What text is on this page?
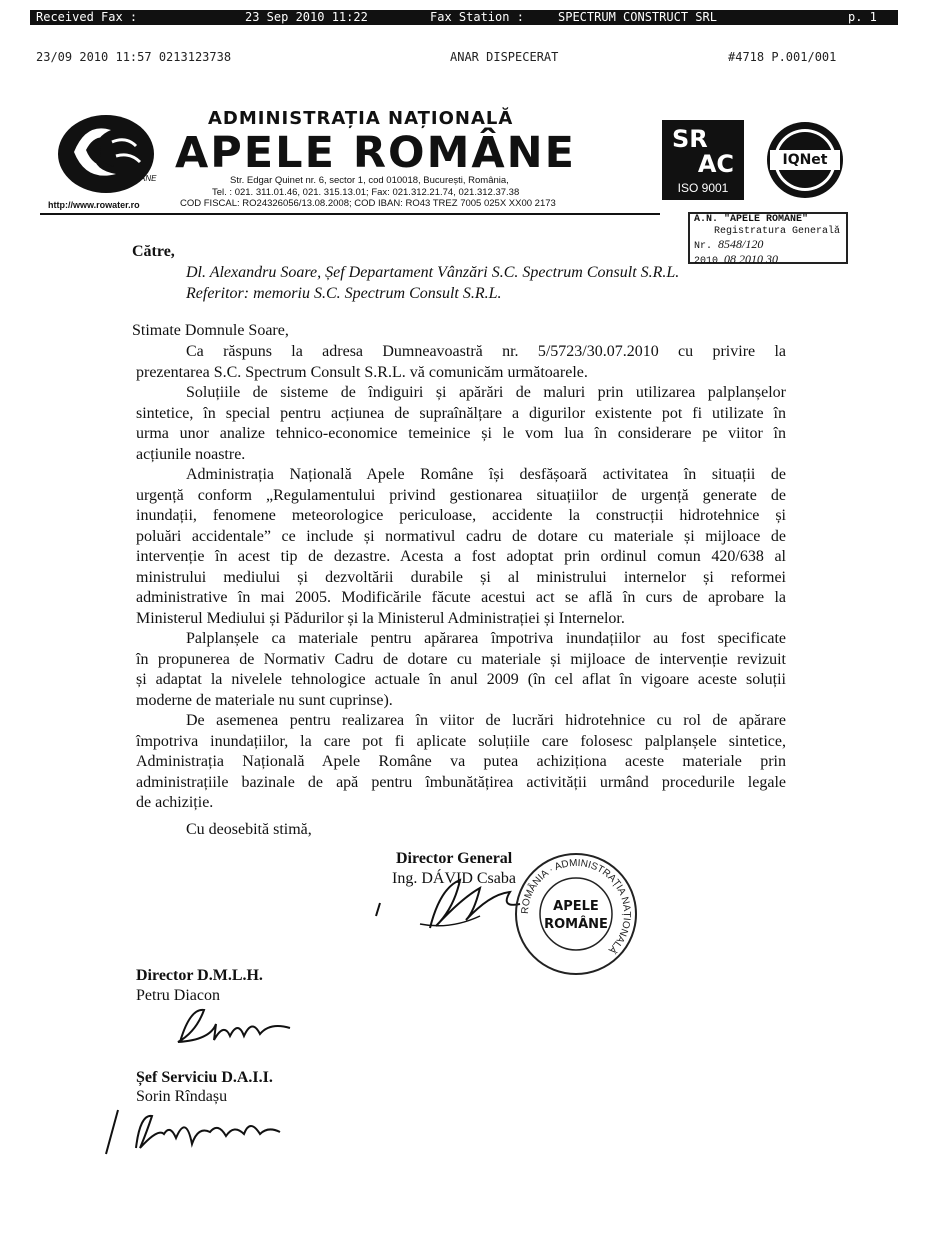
Received Fax :	23 Sep 2010 11:22	Fax Station :	SPECTRUM CONSTRUCT SRL	p. 1
23/09 2010 11:57 0213123738	ANAR DISPECERAT	#4718 P.001/001
ANE
ADMINISTRAȚIA NAȚIONALĂ
APELE ROMÂNE
Str. Edgar Quinet nr. 6, sector 1, cod 010018, București, România,
Tel. : 021. 311.01.46, 021. 315.13.01; Fax: 021.312.21.74, 021.312.37.38
http://www.rowater.ro	COD FISCAL: RO24326056/13.08.2008; COD IBAN: RO43 TREZ 7005 025X XX00 2173
SR
AC
ISO 9001
IQNet
A.N. "APELE ROMÂNE"
Registratura Generală
Nr. 8548/120
2010 08 2010 30
Către,
Dl. Alexandru Soare, Șef Departament Vânzări S.C. Spectrum Consult S.R.L.
Referitor: memoriu S.C. Spectrum Consult S.R.L.
Stimate Domnule Soare,
Ca răspuns la adresa Dumneavoastră nr. 5/5723/30.07.2010 cu privire la
prezentarea S.C. Spectrum Consult S.R.L. vă comunicăm următoarele.
Soluțiile de sisteme de îndiguiri și apărări de maluri prin utilizarea palplanșelor
sintetice, în special pentru acțiunea de supraînălțare a digurilor existente pot fi utilizate în
urma unor analize tehnico-economice temeinice și le vom lua în considerare pe viitor în
acțiunile noastre.
Administrația Națională Apele Române își desfășoară activitatea în situații de
urgență conform „Regulamentului privind gestionarea situațiilor de urgență generate de
inundații, fenomene meteorologice periculoase, accidente la construcții hidrotehnice și
poluări accidentale” ce include și normativul cadru de dotare cu materiale și mijloace de
intervenție în acest tip de dezastre. Acesta a fost adoptat prin ordinul comun 420/638 al
ministrului mediului și dezvoltării durabile și al ministrului internelor și reformei
administrative în mai 2005. Modificările făcute acestui act se află în curs de aprobare la
Ministerul Mediului și Pădurilor și la Ministerul Administrației și Internelor.
Palplanșele ca materiale pentru apărarea împotriva inundațiilor au fost specificate
în propunerea de Normativ Cadru de dotare cu materiale și mijloace de intervenție revizuit
și adaptat la nivelele tehnologice actuale în anul 2009 (în cel aflat în vigoare aceste soluții
moderne de materiale nu sunt cuprinse).
De asemenea pentru realizarea în viitor de lucrări hidrotehnice cu rol de apărare
împotriva inundațiilor, la care pot fi aplicate soluțiile care folosesc palplanșele sintetice,
Administrația Națională Apele Române va putea achiziționa aceste materiale prin
administrațiile bazinale de apă pentru îmbunătățirea activității urmând procedurile legale
de achiziție.
Cu deosebită stimă,
Director General
Ing. DÁVID Csaba
ROMÂNIA · ADMINISTRAȚIA NAȚIONALĂ
APELE
ROMÂNE
Director D.M.L.H.
Petru Diacon
Șef Serviciu D.A.I.I.
Sorin Rîndașu
